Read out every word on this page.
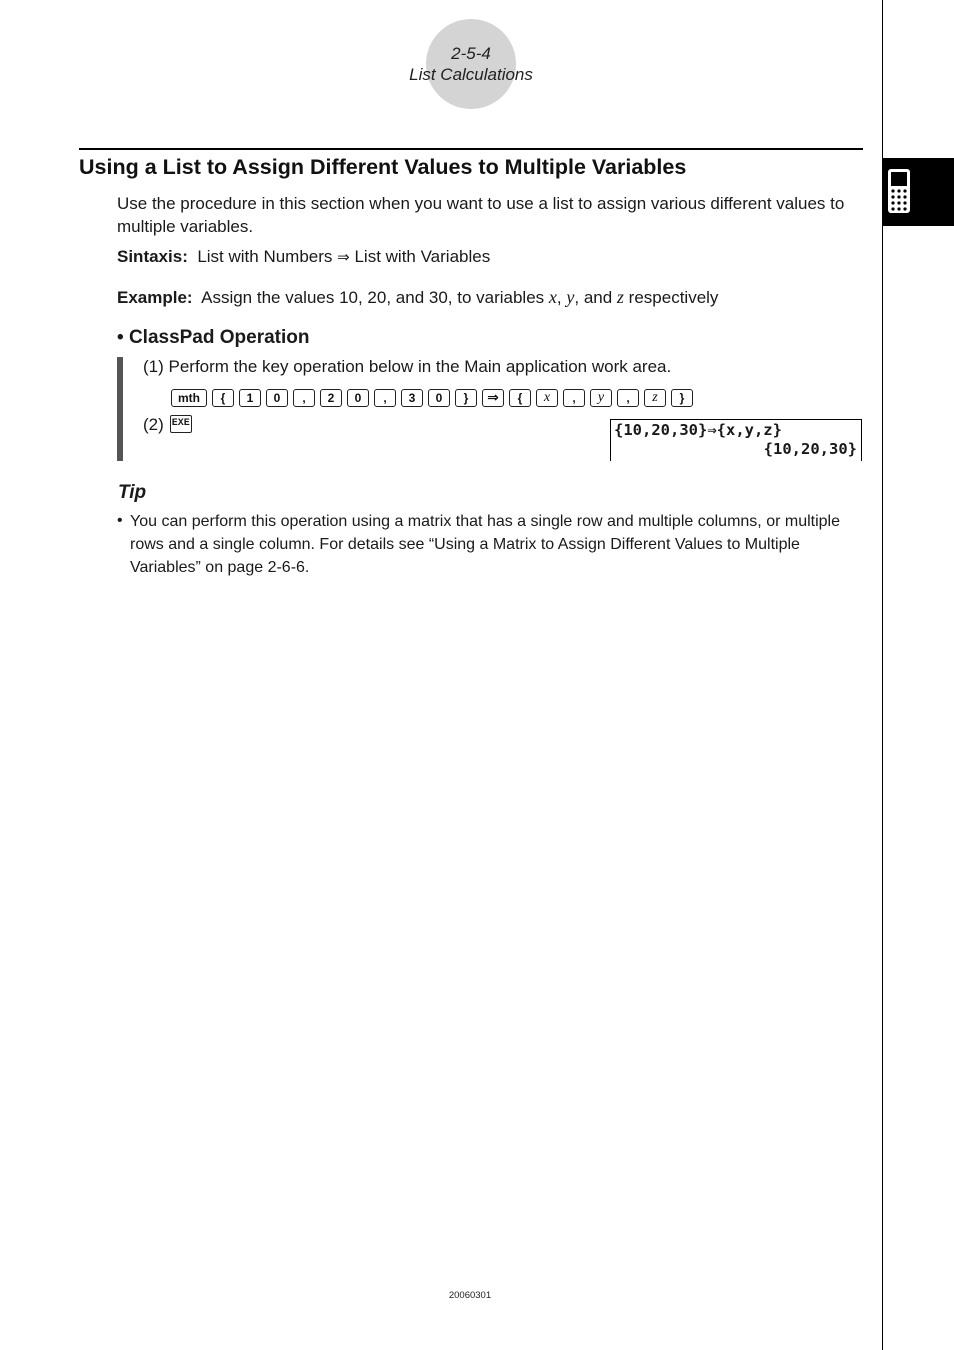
2-5-4
List Calculations
Using a List to Assign Different Values to Multiple Variables

Use the procedure in this section when you want to use a list to assign various different values to multiple variables.

Sintaxis: List with Numbers ⇒ List with Variables
Example: Assign the values 10, 20, and 30, to variables x, y, and z respectively
• ClassPad Operation
(1) Perform the key operation below in the Main application work area.
mth	{	1	0	,	2	0	,	3	0	}	⇒	{	x	,	y	,	z	}
(2) EXE	{10,20,30}⇒{x,y,z}
{10,20,30}
Tip
• You can perform this operation using a matrix that has a single row and multiple columns, or multiple rows and a single column. For details see “Using a Matrix to Assign Different Values to Multiple Variables” on page 2-6-6.

20060301
